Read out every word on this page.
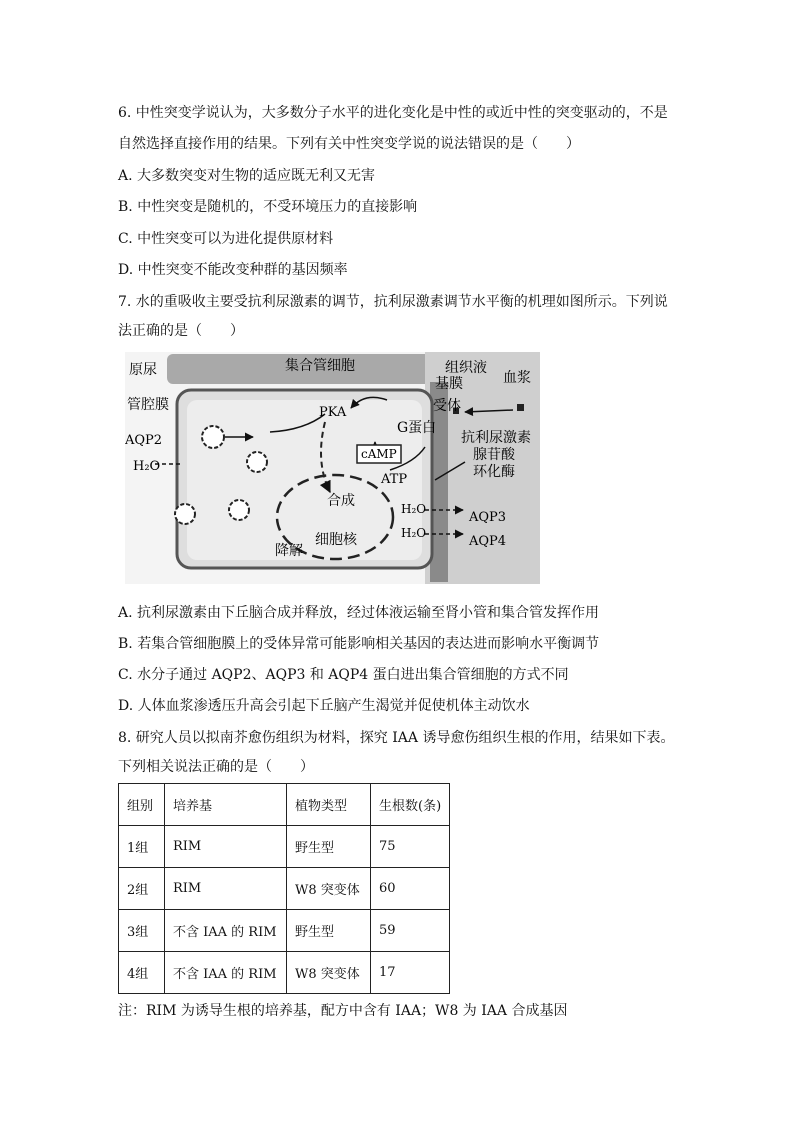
6. 中性突变学说认为，大多数分子水平的进化变化是中性的或近中性的突变驱动的，不是
自然选择直接作用的结果。下列有关中性突变学说的说法错误的是（　　）
A. 大多数突变对生物的适应既无利又无害
B. 中性突变是随机的，不受环境压力的直接影响
C. 中性突变可以为进化提供原材料
D. 中性突变不能改变种群的基因频率
7. 水的重吸收主要受抗利尿激素的调节，抗利尿激素调节水平衡的机理如图所示。下列说
法正确的是（　　）
原尿	集合管细胞	组织液
基膜	血浆
管腔膜	受体
AQP2
H₂O
PKA
G蛋白
抗利尿激素
cAMP	腺苷酸
环化酶
ATP
合成
细胞核
降解
H₂O
H₂O
AQP3
AQP4
A. 抗利尿激素由下丘脑合成并释放，经过体液运输至肾小管和集合管发挥作用
B. 若集合管细胞膜上的受体异常可能影响相关基因的表达进而影响水平衡调节
C. 水分子通过 AQP2、AQP3 和 AQP4 蛋白进出集合管细胞的方式不同
D. 人体血浆渗透压升高会引起下丘脑产生渴觉并促使机体主动饮水
8. 研究人员以拟南芥愈伤组织为材料，探究 IAA 诱导愈伤组织生根的作用，结果如下表。
下列相关说法正确的是（　　）
组别	培养基	植物类型	生根数(条)
1组	RIM	野生型	75
2组	RIM	W8 突变体	60
3组	不含 IAA 的 RIM	野生型	59
4组	不含 IAA 的 RIM	W8 突变体	17
注：RIM 为诱导生根的培养基，配方中含有 IAA；W8 为 IAA 合成基因
